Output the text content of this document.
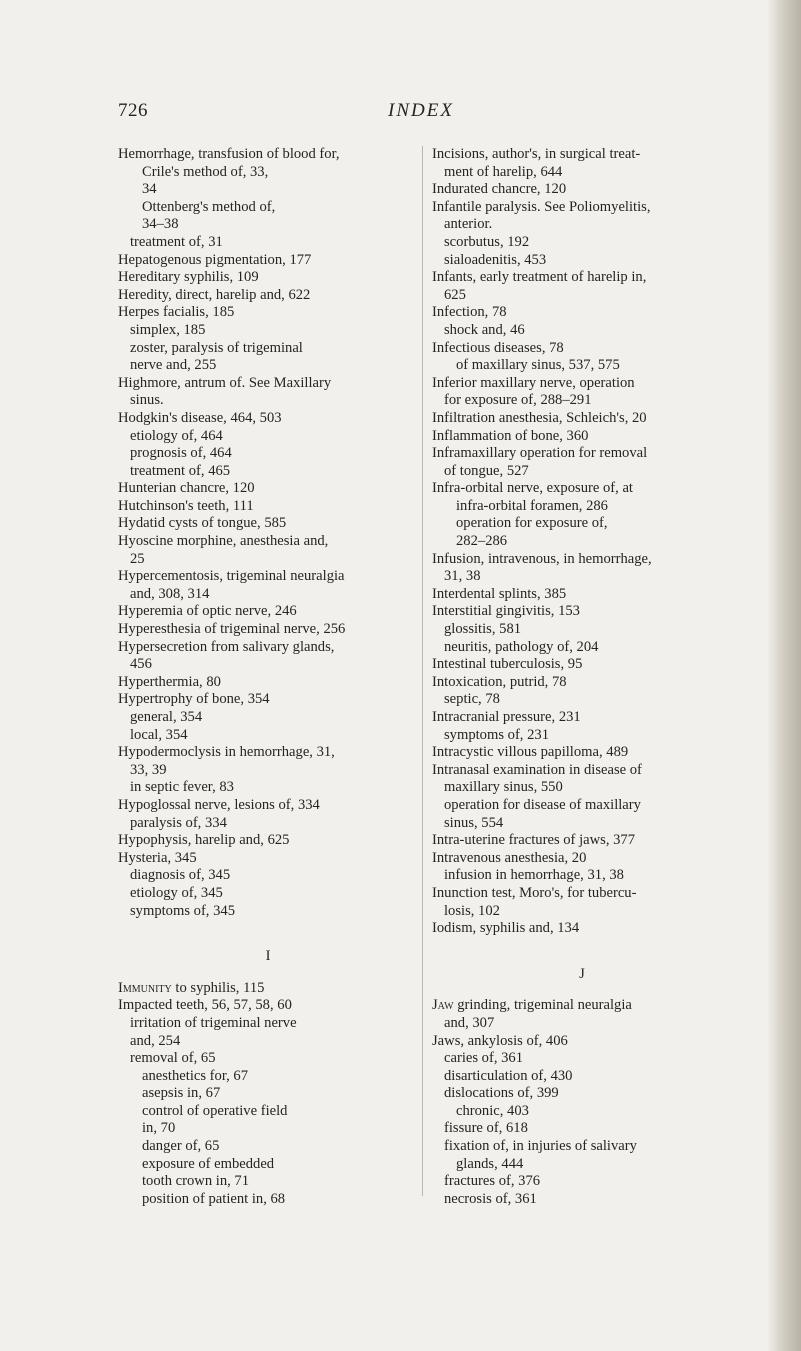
726	INDEX
Hemorrhage, transfusion of blood for,
Crile's method of, 33,
34
Ottenberg's method of,
34–38
treatment of, 31
Hepatogenous pigmentation, 177
Hereditary syphilis, 109
Heredity, direct, harelip and, 622
Herpes facialis, 185
simplex, 185
zoster, paralysis of trigeminal
nerve and, 255
Highmore, antrum of. See Maxillary
sinus.
Hodgkin's disease, 464, 503
etiology of, 464
prognosis of, 464
treatment of, 465
Hunterian chancre, 120
Hutchinson's teeth, 111
Hydatid cysts of tongue, 585
Hyoscine morphine, anesthesia and,
25
Hypercementosis, trigeminal neuralgia
and, 308, 314
Hyperemia of optic nerve, 246
Hyperesthesia of trigeminal nerve, 256
Hypersecretion from salivary glands,
456
Hyperthermia, 80
Hypertrophy of bone, 354
general, 354
local, 354
Hypodermoclysis in hemorrhage, 31,
33, 39
in septic fever, 83
Hypoglossal nerve, lesions of, 334
paralysis of, 334
Hypophysis, harelip and, 625
Hysteria, 345
diagnosis of, 345
etiology of, 345
symptoms of, 345
I
Immunity to syphilis, 115
Impacted teeth, 56, 57, 58, 60
irritation of trigeminal nerve
and, 254
removal of, 65
anesthetics for, 67
asepsis in, 67
control of operative field
in, 70
danger of, 65
exposure of embedded
tooth crown in, 71
position of patient in, 68
Incisions, author's, in surgical treat-
ment of harelip, 644
Indurated chancre, 120
Infantile paralysis. See Poliomyelitis,
anterior.
scorbutus, 192
sialoadenitis, 453
Infants, early treatment of harelip in,
625
Infection, 78
shock and, 46
Infectious diseases, 78
of maxillary sinus, 537, 575
Inferior maxillary nerve, operation
for exposure of, 288–291
Infiltration anesthesia, Schleich's, 20
Inflammation of bone, 360
Inframaxillary operation for removal
of tongue, 527
Infra-orbital nerve, exposure of, at
infra-orbital foramen, 286
operation for exposure of,
282–286
Infusion, intravenous, in hemorrhage,
31, 38
Interdental splints, 385
Interstitial gingivitis, 153
glossitis, 581
neuritis, pathology of, 204
Intestinal tuberculosis, 95
Intoxication, putrid, 78
septic, 78
Intracranial pressure, 231
symptoms of, 231
Intracystic villous papilloma, 489
Intranasal examination in disease of
maxillary sinus, 550
operation for disease of maxillary
sinus, 554
Intra-uterine fractures of jaws, 377
Intravenous anesthesia, 20
infusion in hemorrhage, 31, 38
Inunction test, Moro's, for tubercu-
losis, 102
Iodism, syphilis and, 134
J
Jaw grinding, trigeminal neuralgia
and, 307
Jaws, ankylosis of, 406
caries of, 361
disarticulation of, 430
dislocations of, 399
chronic, 403
fissure of, 618
fixation of, in injuries of salivary
glands, 444
fractures of, 376
necrosis of, 361
